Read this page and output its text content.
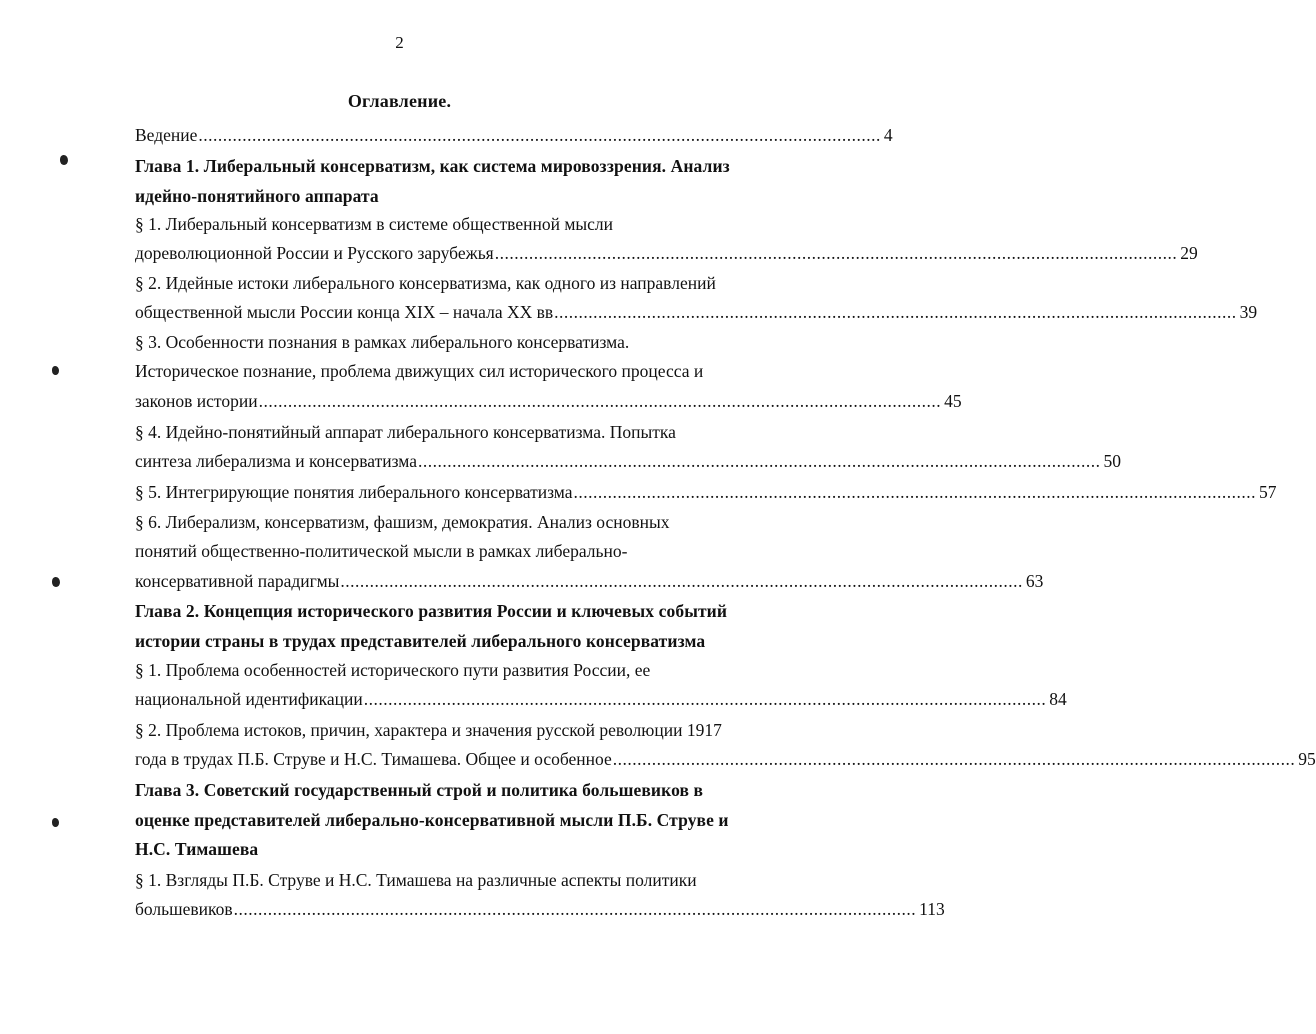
2
Оглавление.
Ведение ............................................................................................................................................ 4
Глава 1. Либеральный консерватизм, как система мировоззрения. Анализ
идейно-понятийного аппарата
§ 1. Либеральный консерватизм в системе общественной мысли
дореволюционной России и Русского зарубежья ............................................................................................................................................ 29
§ 2. Идейные истоки либерального консерватизма, как одного из направлений
общественной мысли России конца XIX – начала XX вв ............................................................................................................................................ 39
§ 3. Особенности познания в рамках либерального консерватизма.
Историческое познание, проблема движущих сил исторического процесса и
законов истории ............................................................................................................................................ 45
§ 4. Идейно-понятийный аппарат либерального консерватизма. Попытка
синтеза либерализма и консерватизма ............................................................................................................................................ 50
§ 5. Интегрирующие понятия либерального консерватизма ............................................................................................................................................ 57
§ 6. Либерализм, консерватизм, фашизм, демократия. Анализ основных
понятий общественно-политической мысли в рамках либерально-
консервативной парадигмы ............................................................................................................................................ 63
Глава 2. Концепция исторического развития России и ключевых событий
истории страны в трудах представителей либерального консерватизма
§ 1. Проблема особенностей исторического пути развития России, ее
национальной идентификации ............................................................................................................................................ 84
§ 2. Проблема истоков, причин, характера и значения русской революции 1917
года в трудах П.Б. Струве и Н.С. Тимашева. Общее и особенное ............................................................................................................................................ 95
Глава 3. Советский государственный строй и политика большевиков в
оценке представителей либерально-консервативной мысли П.Б. Струве и
Н.С. Тимашева
§ 1. Взгляды П.Б. Струве и Н.С. Тимашева на различные аспекты политики
большевиков ............................................................................................................................................ 113
